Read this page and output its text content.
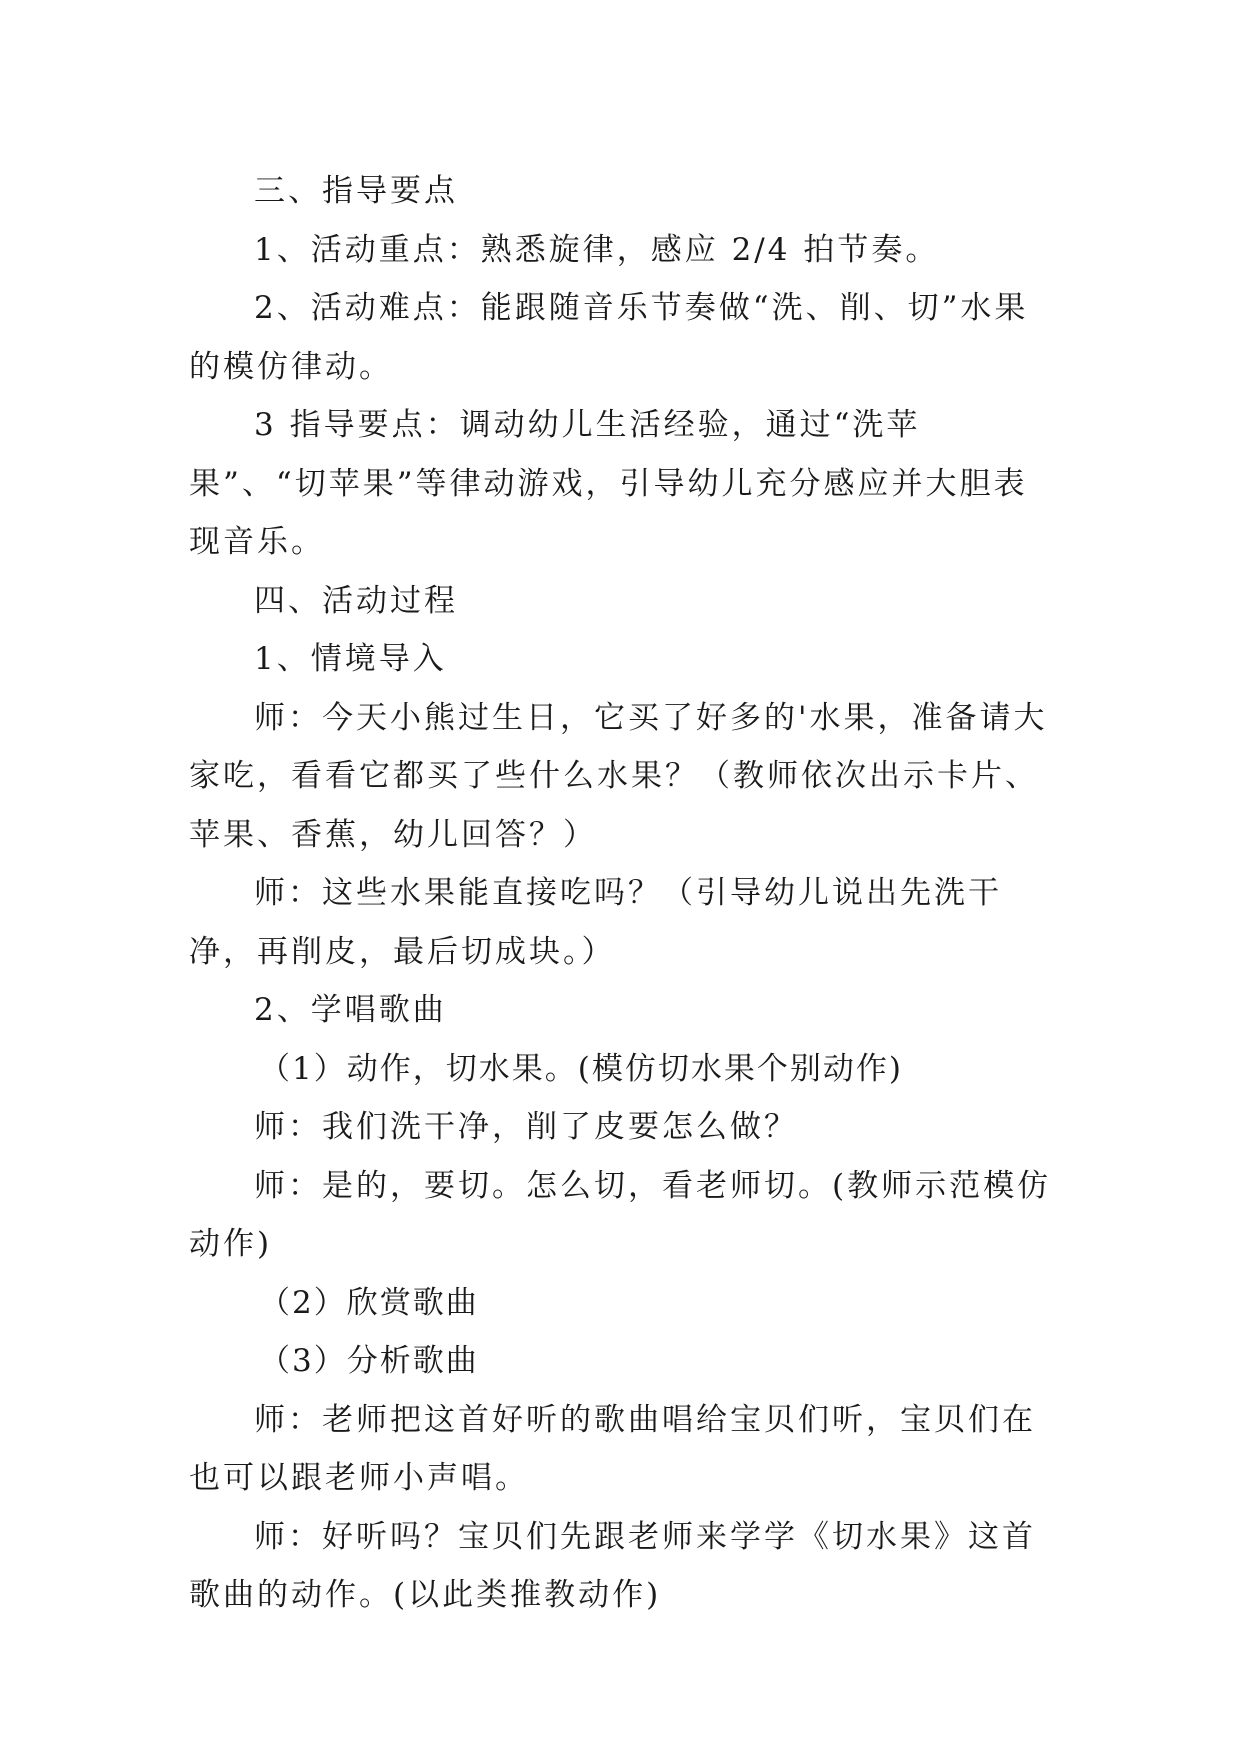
三、指导要点

1、活动重点：熟悉旋律，感应 2/4 拍节奏。

2、活动难点：能跟随音乐节奏做“洗、削、切”水果的模仿律动。

3 指导要点：调动幼儿生活经验，通过“洗苹果”、“切苹果”等律动游戏，引导幼儿充分感应并大胆表现音乐。

四、活动过程

1、情境导入

师：今天小熊过生日，它买了好多的'水果，准备请大家吃，看看它都买了些什么水果？（教师依次出示卡片、苹果、香蕉，幼儿回答？）

师：这些水果能直接吃吗？（引导幼儿说出先洗干净，再削皮，最后切成块。）

2、学唱歌曲

（1）动作，切水果。(模仿切水果个别动作)

师：我们洗干净，削了皮要怎么做？

师：是的，要切。怎么切，看老师切。(教师示范模仿动作)

（2）欣赏歌曲

（3）分析歌曲

师：老师把这首好听的歌曲唱给宝贝们听，宝贝们在也可以跟老师小声唱。

师：好听吗？宝贝们先跟老师来学学《切水果》这首歌曲的动作。(以此类推教动作)
